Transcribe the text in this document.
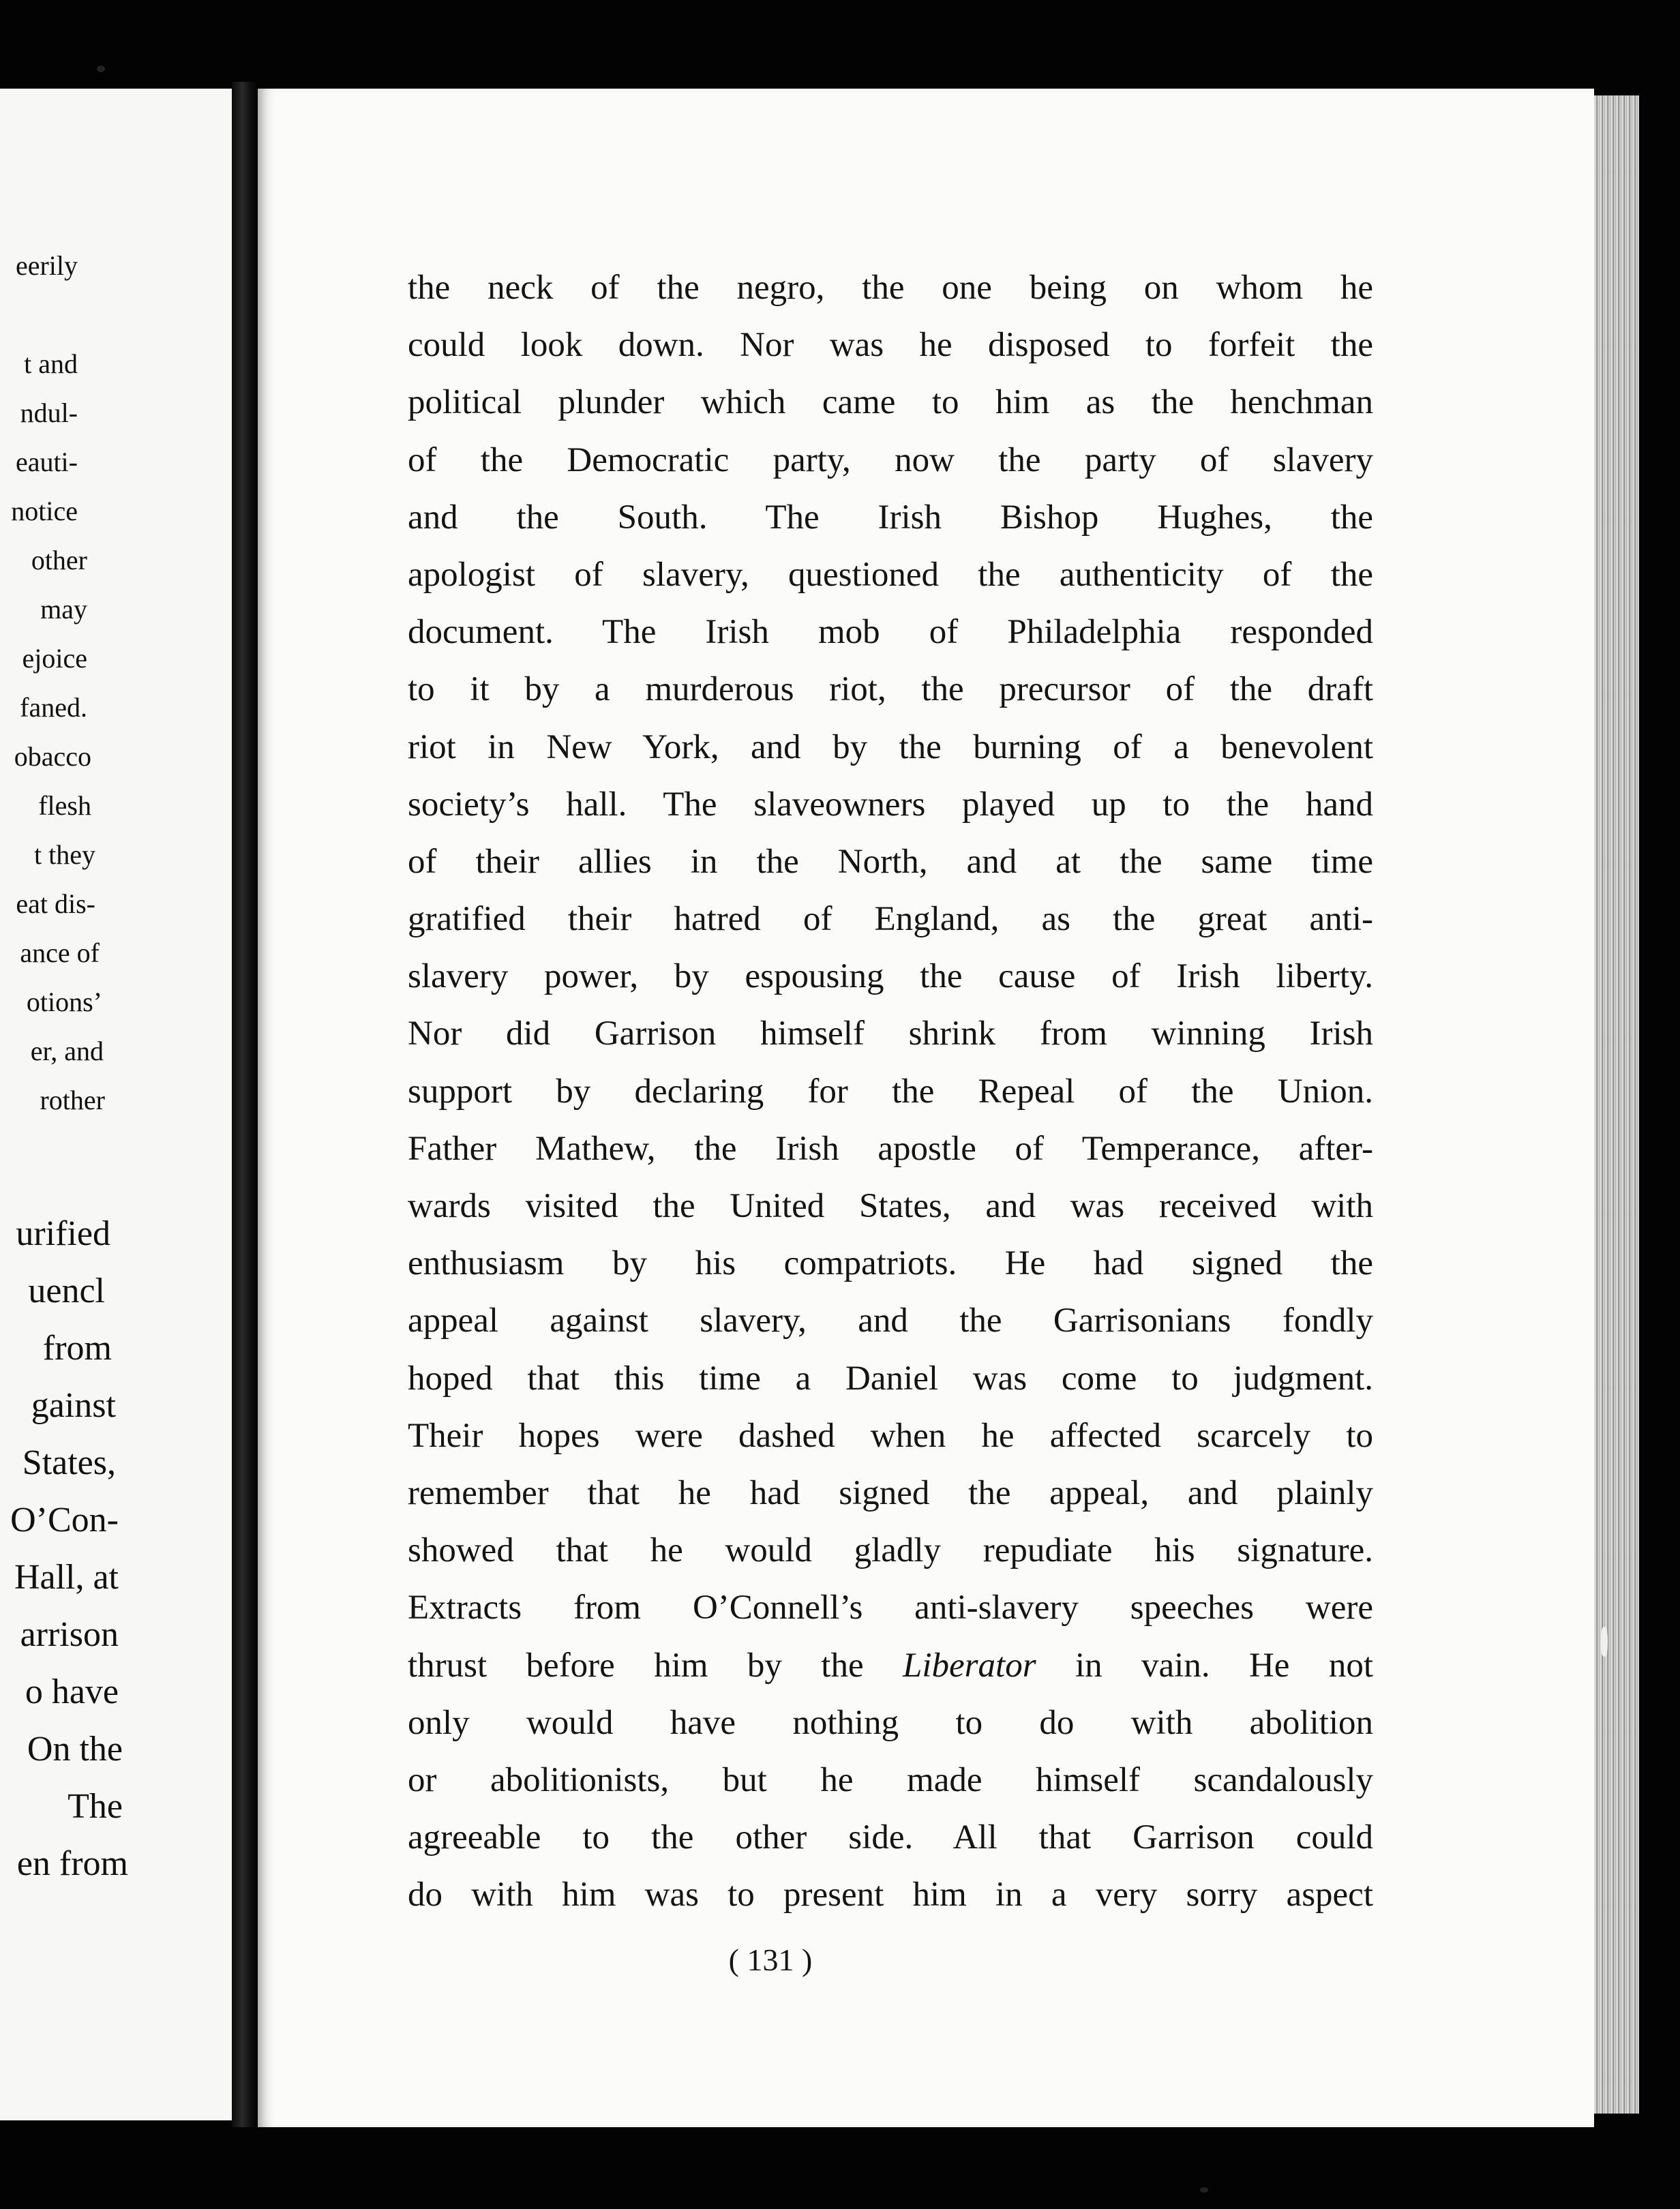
eerily
t and
ndul-
eauti-
notice
other
may
ejoice
faned.
obacco
flesh
t they
eat dis-
ance of
otions’
er, and
rother
urified
uencl
from
gainst
States,
O’Con-
Hall, at
arrison
o have
On the
The
en from
the neck of the negro, the one being on whom he
could look down. Nor was he disposed to forfeit the
political plunder which came to him as the henchman
of the Democratic party, now the party of slavery
and the South. The Irish Bishop Hughes, the
apologist of slavery, questioned the authenticity of the
document. The Irish mob of Philadelphia responded
to it by a murderous riot, the precursor of the draft
riot in New York, and by the burning of a benevolent
society’s hall. The slaveowners played up to the hand
of their allies in the North, and at the same time
gratified their hatred of England, as the great anti-
slavery power, by espousing the cause of Irish liberty.
Nor did Garrison himself shrink from winning Irish
support by declaring for the Repeal of the Union.
Father Mathew, the Irish apostle of Temperance, after-
wards visited the United States, and was received with
enthusiasm by his compatriots. He had signed the
appeal against slavery, and the Garrisonians fondly
hoped that this time a Daniel was come to judgment.
Their hopes were dashed when he affected scarcely to
remember that he had signed the appeal, and plainly
showed that he would gladly repudiate his signature.
Extracts from O’Connell’s anti-slavery speeches were
thrust before him by the Liberator in vain. He not
only would have nothing to do with abolition
or abolitionists, but he made himself scandalously
agreeable to the other side. All that Garrison could
do with him was to present him in a very sorry aspect
( 131 )
